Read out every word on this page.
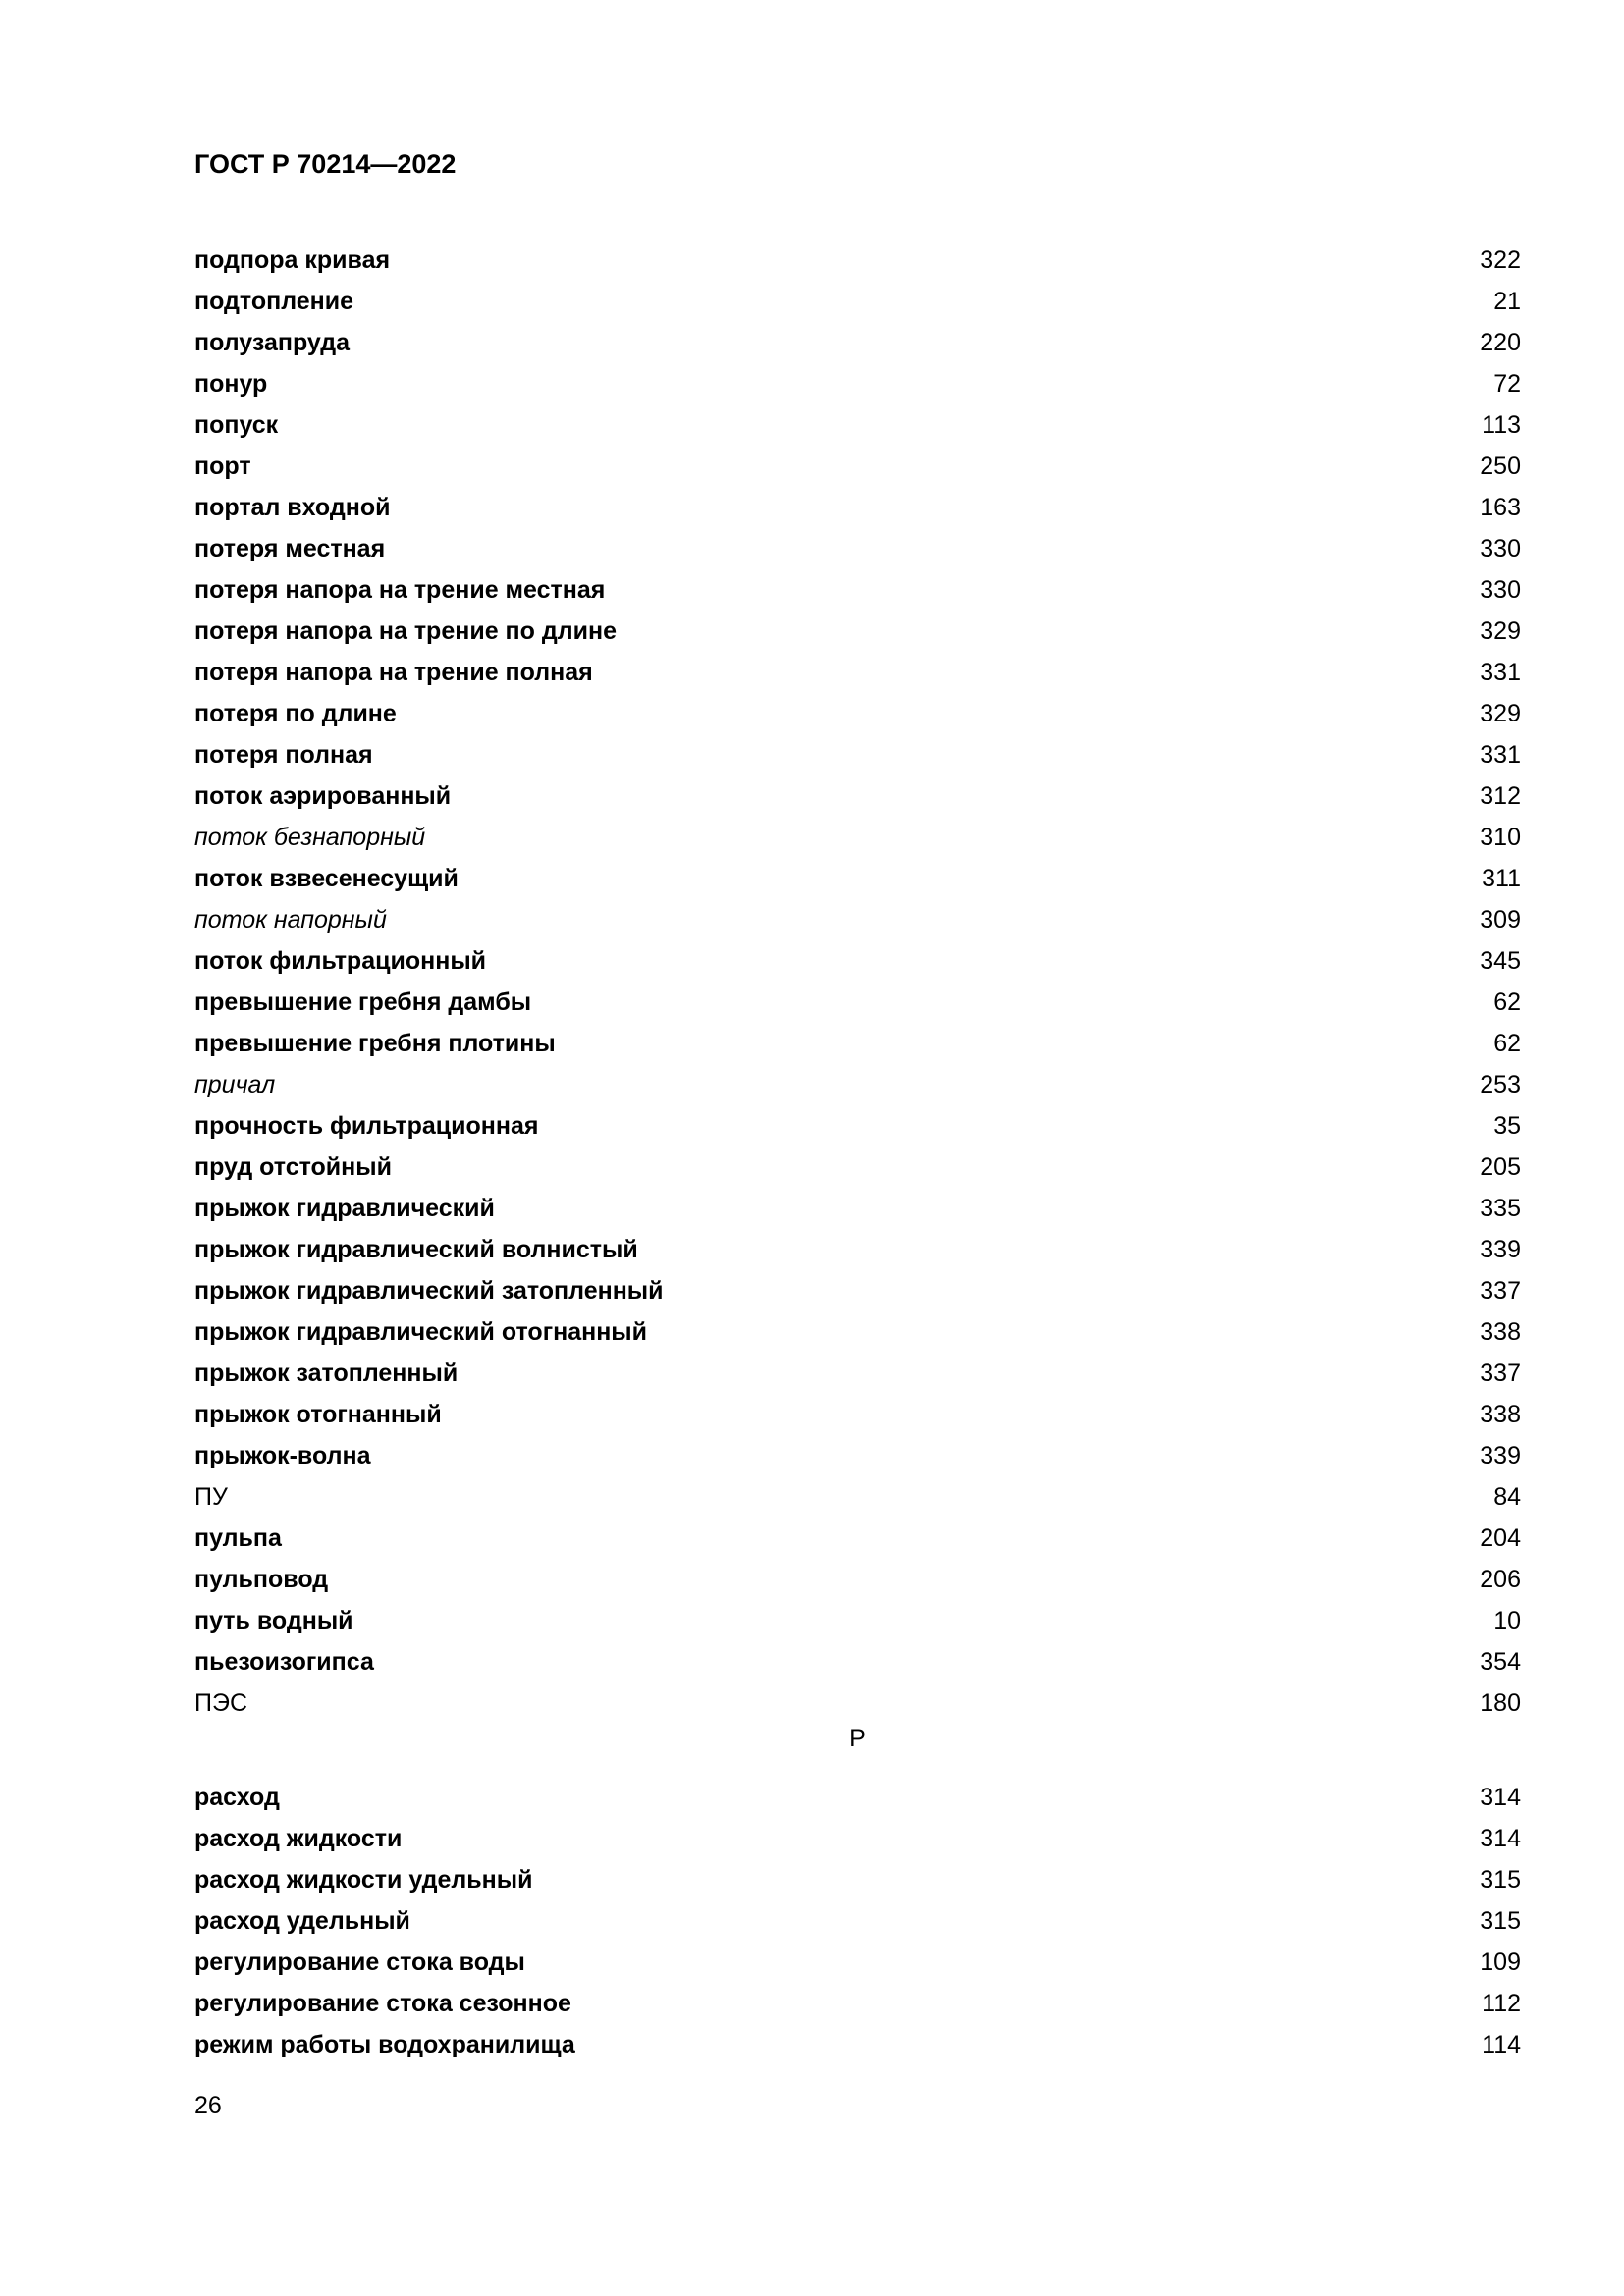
ГОСТ Р 70214—2022
подпора кривая	322
подтопление	21
полузапруда	220
понур	72
попуск	113
порт	250
портал входной	163
потеря местная	330
потеря напора на трение местная	330
потеря напора на трение по длине	329
потеря напора на трение полная	331
потеря по длине	329
потеря полная	331
поток аэрированный	312
поток безнапорный	310
поток взвесенесущий	311
поток напорный	309
поток фильтрационный	345
превышение гребня дамбы	62
превышение гребня плотины	62
причал	253
прочность фильтрационная	35
пруд отстойный	205
прыжок гидравлический	335
прыжок гидравлический волнистый	339
прыжок гидравлический затопленный	337
прыжок гидравлический отогнанный	338
прыжок затопленный	337
прыжок отогнанный	338
прыжок-волна	339
ПУ	84
пульпа	204
пульповод	206
путь водный	10
пьезоизогипса	354
ПЭС	180
Р
расход	314
расход жидкости	314
расход жидкости удельный	315
расход удельный	315
регулирование стока воды	109
регулирование стока сезонное	112
режим работы водохранилища	114
26
